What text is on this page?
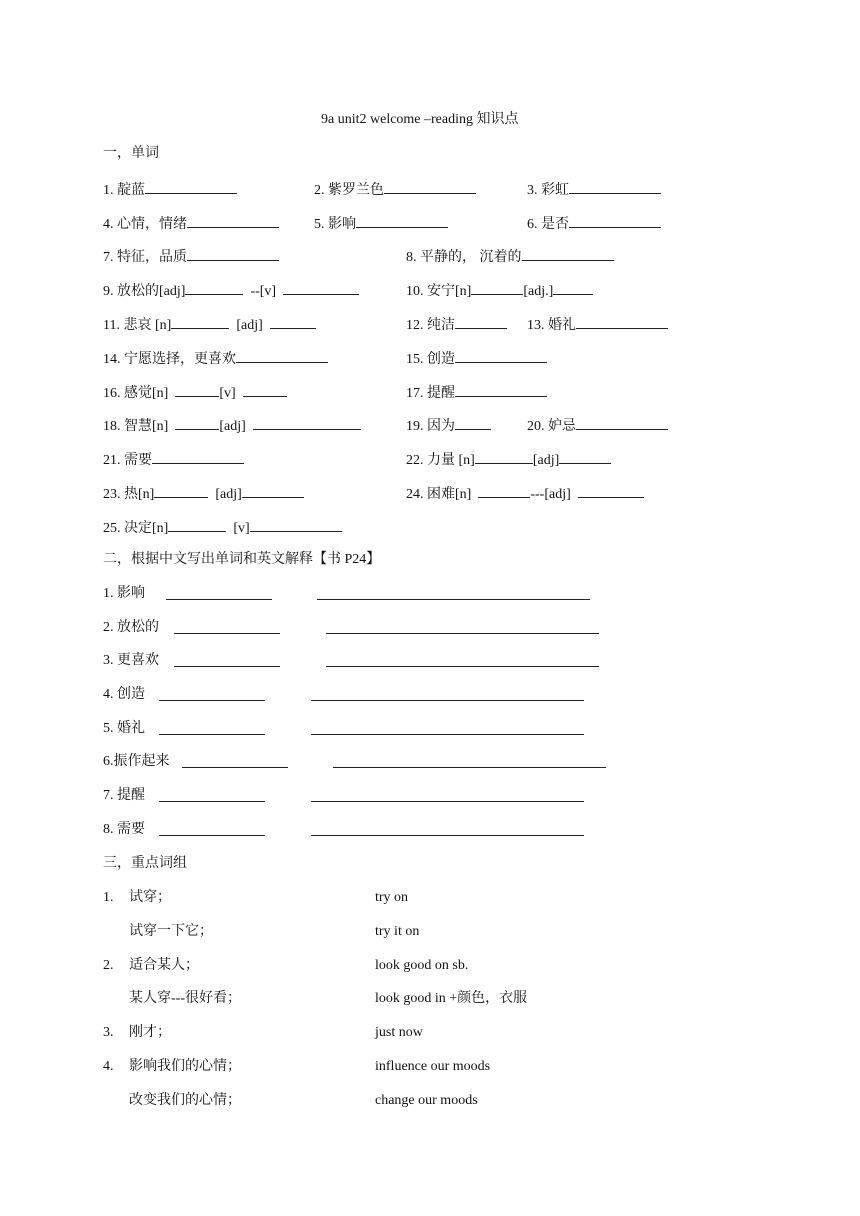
9a unit2 welcome –reading 知识点
一，单词
1. 靛蓝	2. 紫罗兰色	3. 彩虹
4. 心情，情绪	5. 影响	6. 是否
7. 特征，品质	8. 平静的， 沉着的
9. 放松的[adj]	--[v]	10. 安宁[n]	[adj.]
11. 悲哀 [n]	[adj]	12. 纯洁	13. 婚礼
14. 宁愿选择，更喜欢	15. 创造
16. 感觉[n]	[v]	17. 提醒
18. 智慧[n]	[adj]	19. 因为	20. 妒忌
21. 需要	22. 力量 [n]	[adj]
23. 热[n]	[adj]	24. 困难[n]	---[adj]
25. 决定[n]	[v]
二，根据中文写出单词和英文解释【书 P24】
1. 影响
2. 放松的
3. 更喜欢
4. 创造
5. 婚礼
6.振作起来
7. 提醒
8. 需要
三，重点词组
1. 试穿；	try on
试穿一下它；	try it on
2. 适合某人；	look good on sb.
某人穿---很好看；	look good in +颜色，衣服
3. 刚才；	just now
4. 影响我们的心情；	influence our moods
改变我们的心情；	change our moods
